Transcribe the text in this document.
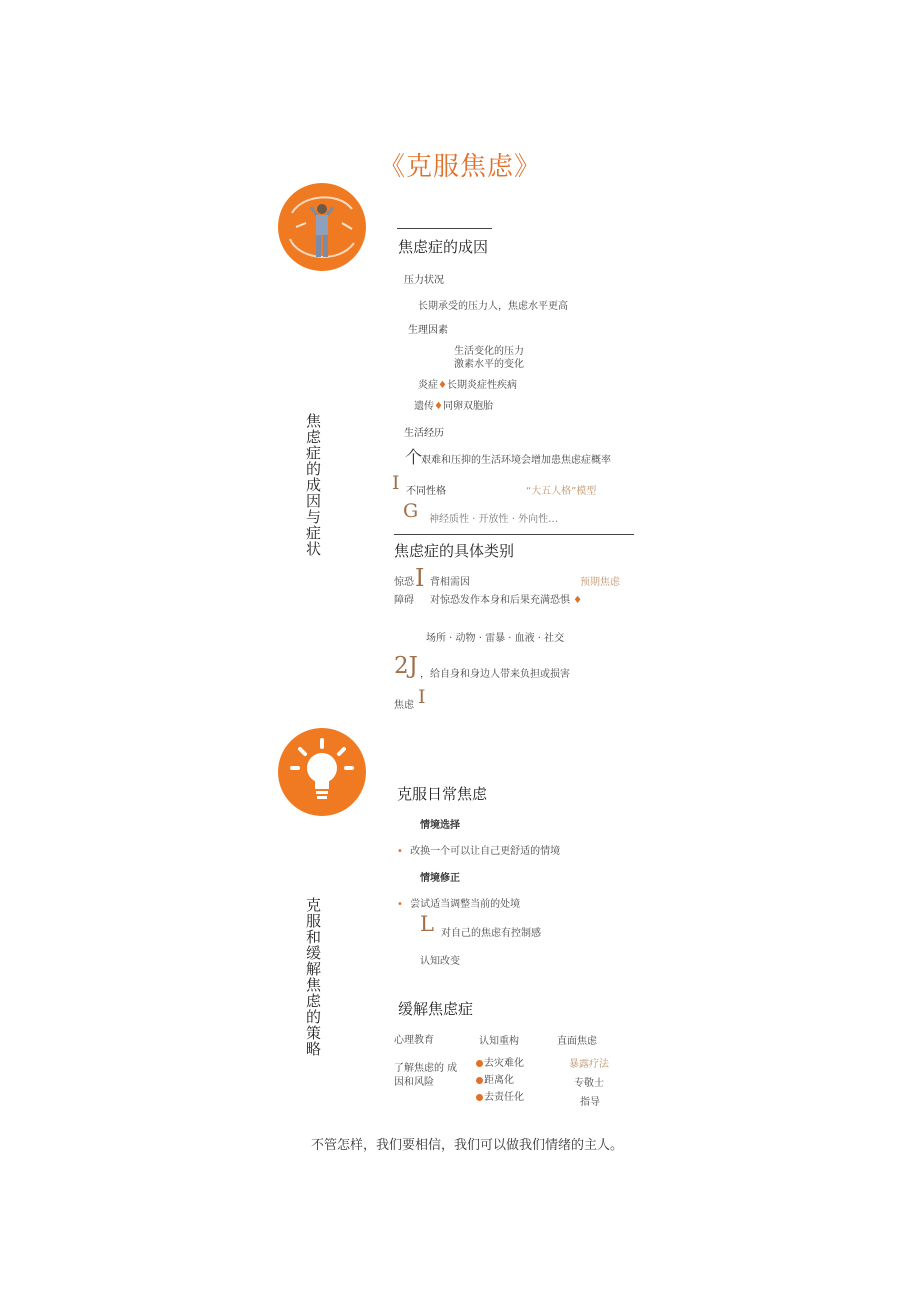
《克服焦虑》
焦虑症的成因与症状
焦虑症的成因
压力状况
长期承受的压力人，焦虑水平更高
生理因素
生活变化的压力
激素水平的变化
炎症♦长期炎症性疾病
遗传♦同卵双胞胎
生活经历
个 艰难和压抑的生活环境会增加患焦虑症概率
I 不同性格	“大五人格”模型
G 神经质性 · 开放性 · 外向性…
焦虑症的具体类别
惊恐
障碍
I 背相需因
对惊恐发作本身和后果充满恐惧 ♦
预期焦虑
场所 · 动物 · 雷暴 · 血液 · 社交
2J ，给自身和身边人带来负担或损害
焦虑 I
克服和缓解焦虑的策略
克服日常焦虑
情境选择
• 改换一个可以让自己更舒适的情境
情境修正
• 尝试适当调整当前的处境
L 对自己的焦虑有控制感
认知改变
缓解焦虑症
心理教育
了解焦虑的 成
因和风险
认知重构
去灾难化
距离化
去责任化
直面焦虑
暴露疗法
专敬士
指导
不管怎样，我们要相信，我们可以做我们情绪的主人。
